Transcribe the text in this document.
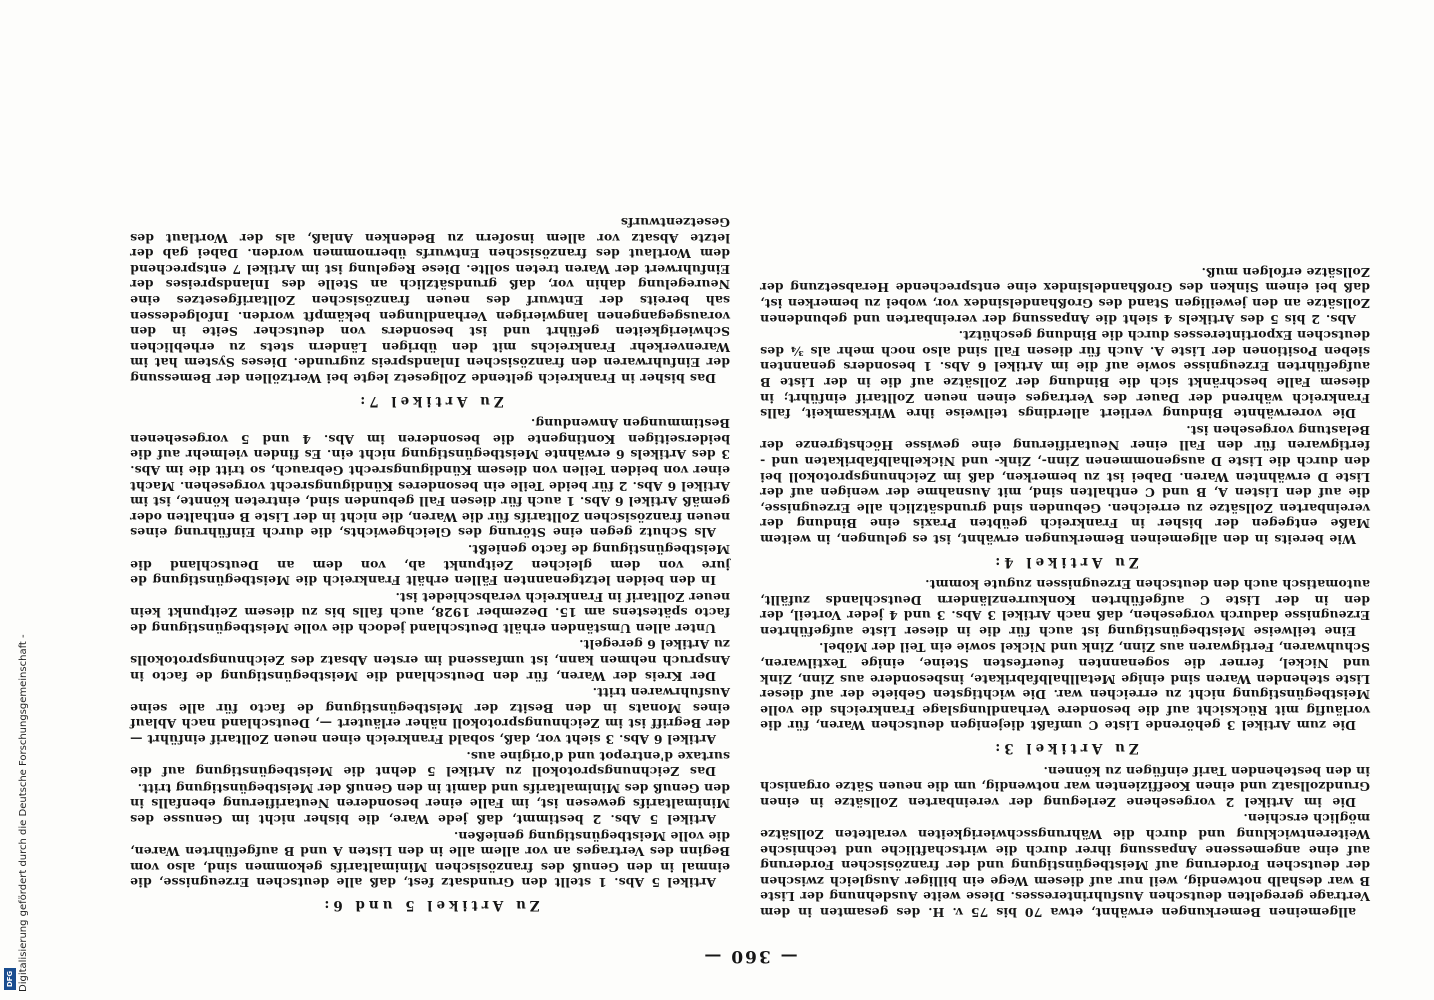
— 360 —

allgemeinen Bemerkungen erwähnt, etwa 70 bis 75 v. H. des gesamten in dem Vertrage geregelten deutschen Ausfuhrinteresses. Diese weite Ausdehnung der Liste B war deshalb notwendig, weil nur auf diesem Wege ein billiger Ausgleich zwischen der deutschen Forderung auf Meistbegünstigung und der französischen Forderung auf eine angemessene Anpassung ihrer durch die wirtschaftliche und technische Weiterentwicklung und durch die Währungsschwierigkeiten veralteten Zollsätze möglich erschien.

Die im Artikel 2 vorgesehene Zerlegung der vereinbarten Zollsätze in einen Grundzollsatz und einen Koeffizienten war notwendig, um die neuen Sätze organisch in den bestehenden Tarif einfügen zu können.

Zu Artikel 3:

Die zum Artikel 3 gehörende Liste C umfaßt diejenigen deutschen Waren, für die vorläufig mit Rücksicht auf die besondere Verhandlungslage Frankreichs die volle Meistbegünstigung nicht zu erreichen war. Die wichtigsten Gebiete der auf dieser Liste stehenden Waren sind einige Metallhalbfabrikate, insbesondere aus Zinn, Zink und Nickel, ferner die sogenannten feuerfesten Steine, einige Textilwaren, Schuhwaren, Fertigwaren aus Zinn, Zink und Nickel sowie ein Teil der Möbel.

Eine teilweise Meistbegünstigung ist auch für die in dieser Liste aufgeführten Erzeugnisse dadurch vorgesehen, daß nach Artikel 3 Abs. 3 und 4 jeder Vorteil, der den in der Liste C aufgeführten Konkurrenzländern Deutschlands zufällt, automatisch auch den deutschen Erzeugnissen zugute kommt.

Zu Artikel 4:

Wie bereits in den allgemeinen Bemerkungen erwähnt, ist es gelungen, in weitem Maße entgegen der bisher in Frankreich geübten Praxis eine Bindung der vereinbarten Zollsätze zu erreichen. Gebunden sind grundsätzlich alle Erzeugnisse, die auf den Listen A, B und C enthalten sind, mit Ausnahme der wenigen auf der Liste D erwähnten Waren. Dabei ist zu bemerken, daß im Zeichnungsprotokoll bei den durch die Liste D ausgenommenen Zinn-, Zink- und Nickelhalbfabrikaten und -fertigwaren für den Fall einer Neutarifierung eine gewisse Höchstgrenze der Belastung vorgesehen ist.

Die vorerwähnte Bindung verliert allerdings teilweise ihre Wirksamkeit, falls Frankreich während der Dauer des Vertrages einen neuen Zolltarif einführt; in diesem Falle beschränkt sich die Bindung der Zollsätze auf die in der Liste B aufgeführten Erzeugnisse sowie auf die im Artikel 6 Abs. 1 besonders genannten sieben Positionen der Liste A. Auch für diesen Fall sind also noch mehr als ¾ des deutschen Exportinteresses durch die Bindung geschützt.

Abs. 2 bis 5 des Artikels 4 sieht die Anpassung der vereinbarten und gebundenen Zollsätze an den jeweiligen Stand des Großhandelsindex vor, wobei zu bemerken ist, daß bei einem Sinken des Großhandelsindex eine entsprechende Herabsetzung der Zollsätze erfolgen muß.

Zu Artikel 5 und 6:

Artikel 5 Abs. 1 stellt den Grundsatz fest, daß alle deutschen Erzeugnisse, die einmal in den Genuß des französischen Minimaltarifs gekommen sind, also vom Beginn des Vertrages an vor allem alle in den Listen A und B aufgeführten Waren, die volle Meistbegünstigung genießen.

Artikel 5 Abs. 2 bestimmt, daß jede Ware, die bisher nicht im Genusse des Minimaltarifs gewesen ist, im Falle einer besonderen Neutarifierung ebenfalls in den Genuß des Minimaltarifs und damit in den Genuß der Meistbegünstigung tritt.

Das Zeichnungsprotokoll zu Artikel 5 dehnt die Meistbegünstigung auf die surtaxe d'entrepot und d'origine aus.

Artikel 6 Abs. 3 sieht vor, daß, sobald Frankreich einen neuen Zolltarif einführt — der Begriff ist im Zeichnungsprotokoll näher erläutert —, Deutschland nach Ablauf eines Monats in den Besitz der Meistbegünstigung de facto für alle seine Ausfuhrwaren tritt.

Der Kreis der Waren, für den Deutschland die Meistbegünstigung de facto in Anspruch nehmen kann, ist umfassend im ersten Absatz des Zeichnungsprotokolls zu Artikel 6 geregelt.

Unter allen Umständen erhält Deutschland jedoch die volle Meistbegünstigung de facto spätestens am 15. Dezember 1928, auch falls bis zu diesem Zeitpunkt kein neuer Zolltarif in Frankreich verabschiedet ist.

In den beiden letztgenannten Fällen erhält Frankreich die Meistbegünstigung de jure von dem gleichen Zeitpunkt ab, von dem an Deutschland die Meistbegünstigung de facto genießt.

Als Schutz gegen eine Störung des Gleichgewichts, die durch Einführung eines neuen französischen Zolltarifs für die Waren, die nicht in der Liste B enthalten oder gemäß Artikel 6 Abs. 1 auch für diesen Fall gebunden sind, eintreten könnte, ist im Artikel 6 Abs. 2 für beide Teile ein besonderes Kündigungsrecht vorgesehen. Macht einer von beiden Teilen von diesem Kündigungsrecht Gebrauch, so tritt die im Abs. 3 des Artikels 6 erwähnte Meistbegünstigung nicht ein. Es finden vielmehr auf die beiderseitigen Kontingente die besonderen im Abs. 4 und 5 vorgesehenen Bestimmungen Anwendung.

Zu Artikel 7:

Das bisher in Frankreich geltende Zollgesetz legte bei Wertzöllen der Bemessung der Einfuhrwaren den französischen Inlandspreis zugrunde. Dieses System hat im Warenverkehr Frankreichs mit den übrigen Ländern stets zu erheblichen Schwierigkeiten geführt und ist besonders von deutscher Seite in den vorausgegangenen langwierigen Verhandlungen bekämpft worden. Infolgedessen sah bereits der Entwurf des neuen französischen Zolltarifgesetzes eine Neuregelung dahin vor, daß grundsätzlich an Stelle des Inlandspreises der Einfuhrwert der Waren treten sollte. Diese Regelung ist im Artikel 7 entsprechend dem Wortlaut des französischen Entwurfs übernommen worden. Dabei gab der letzte Absatz vor allem insofern zu Bedenken Anlaß, als der Wortlaut des Gesetzentwurfs

Digitalisierung gefördert durch die Deutsche Forschungsgemeinschaft -
DFG
